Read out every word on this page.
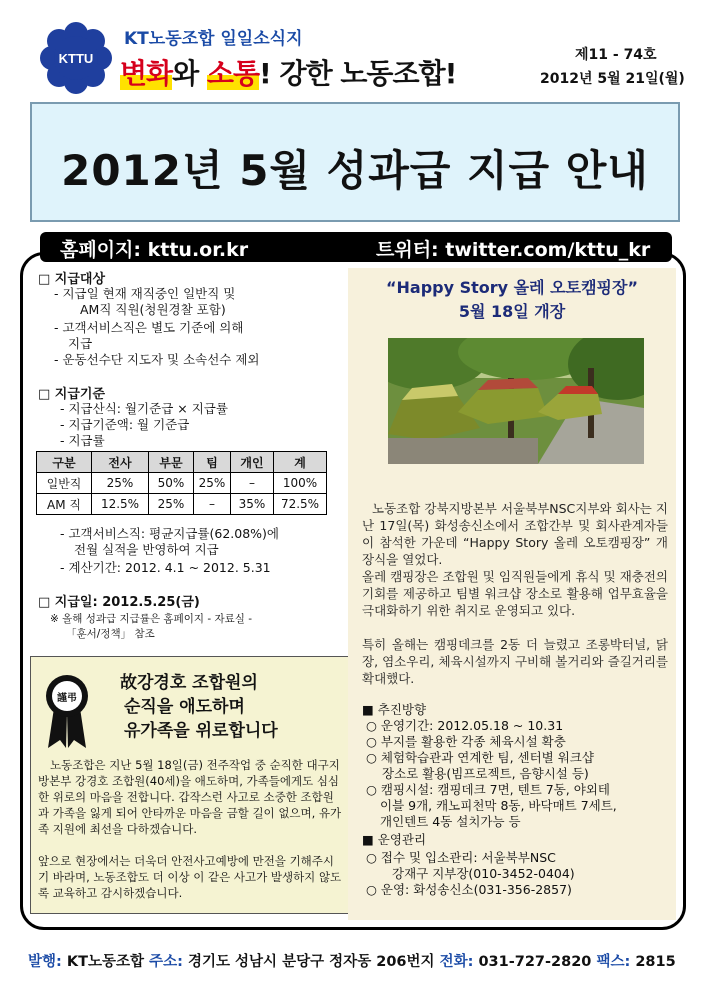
KTTU
KT노동조합 일일소식지
변화와 소통! 강한 노동조합!
제11 - 74호
2012년 5월 21일(월)
2012년 5월 성과급 지급 안내
홈페이지: kttu.or.kr	트위터: twitter.com/kttu_kr
□ 지급대상
- 지급일 현재 재직중인 일반직 및
AM직 직원(청원경찰 포함)
- 고객서비스직은 별도 기준에 의해
지급
- 운동선수단 지도자 및 소속선수 제외
□ 지급기준
- 지급산식: 월기준급 × 지급률
- 지급기준액: 월 기준급
- 지급률
구분	전사	부문	팀	개인	계
일반직	25%	50%	25%	–	100%
AM 직	12.5%	25%	–	35%	72.5%
- 고객서비스직: 평균지급률(62.08%)에
전월 실적을 반영하여 지급
- 계산기간: 2012. 4.1 ~ 2012. 5.31
□ 지급일: 2012.5.25(금)
※ 올해 성과급 지급률은 홈페이지 - 자료실 -
「훈서/정책」 참조
謹弔
故강경호 조합원의
순직을 애도하며
유가족을 위로합니다
노동조합은 지난 5월 18일(금) 전주작업 중 순직한 대구지방본부 강경호 조합원(40세)을 애도하며, 가족들에게도 심심한 위로의 마음을 전합니다. 갑작스런 사고로 소중한 조합원과 가족을 잃게 되어 안타까운 마음을 금할 길이 없으며, 유가족 지원에 최선을 다하겠습니다.
앞으로 현장에서는 더욱더 안전사고예방에 만전을 기해주시기 바라며, 노동조합도 더 이상 이 같은 사고가 발생하지 않도록 교육하고 감시하겠습니다.
“Happy Story 올레 오토캠핑장”
5월 18일 개장
노동조합 강북지방본부 서울북부NSC지부와 회사는 지난 17일(목) 화성송신소에서 조합간부 및 회사관계자들이 참석한 가운데 “Happy Story 올레 오토캠핑장” 개장식을 열었다.
올레 캠핑장은 조합원 및 임직원들에게 휴식 및 재충전의 기회를 제공하고 팀별 워크샵 장소로 활용해 업무효율을 극대화하기 위한 취지로 운영되고 있다.
특히 올해는 캠핑데크를 2동 더 늘렸고 조롱박터널, 닭장, 염소우리, 체육시설까지 구비해 볼거리와 즐길거리를 확대했다.
■ 추진방향
○ 운영기간: 2012.05.18 ~ 10.31
○ 부지를 활용한 각종 체육시설 확충
○ 체험학습관과 연계한 팀, 센터별 워크샵
장소로 활용(빔프로젝트, 음향시설 등)
○ 캠핑시설: 캠핑데크 7면, 텐트 7동, 야외테
이블 9개, 캐노피천막 8동, 바닥매트 7세트,
개인텐트 4동 설치가능 등
■ 운영관리
○ 접수 및 입소관리: 서울북부NSC
강재구 지부장(010-3452-0404)
○ 운영: 화성송신소(031-356-2857)
발행: KT노동조합 주소: 경기도 성남시 분당구 정자동 206번지 전화: 031-727-2820 팩스: 2815
